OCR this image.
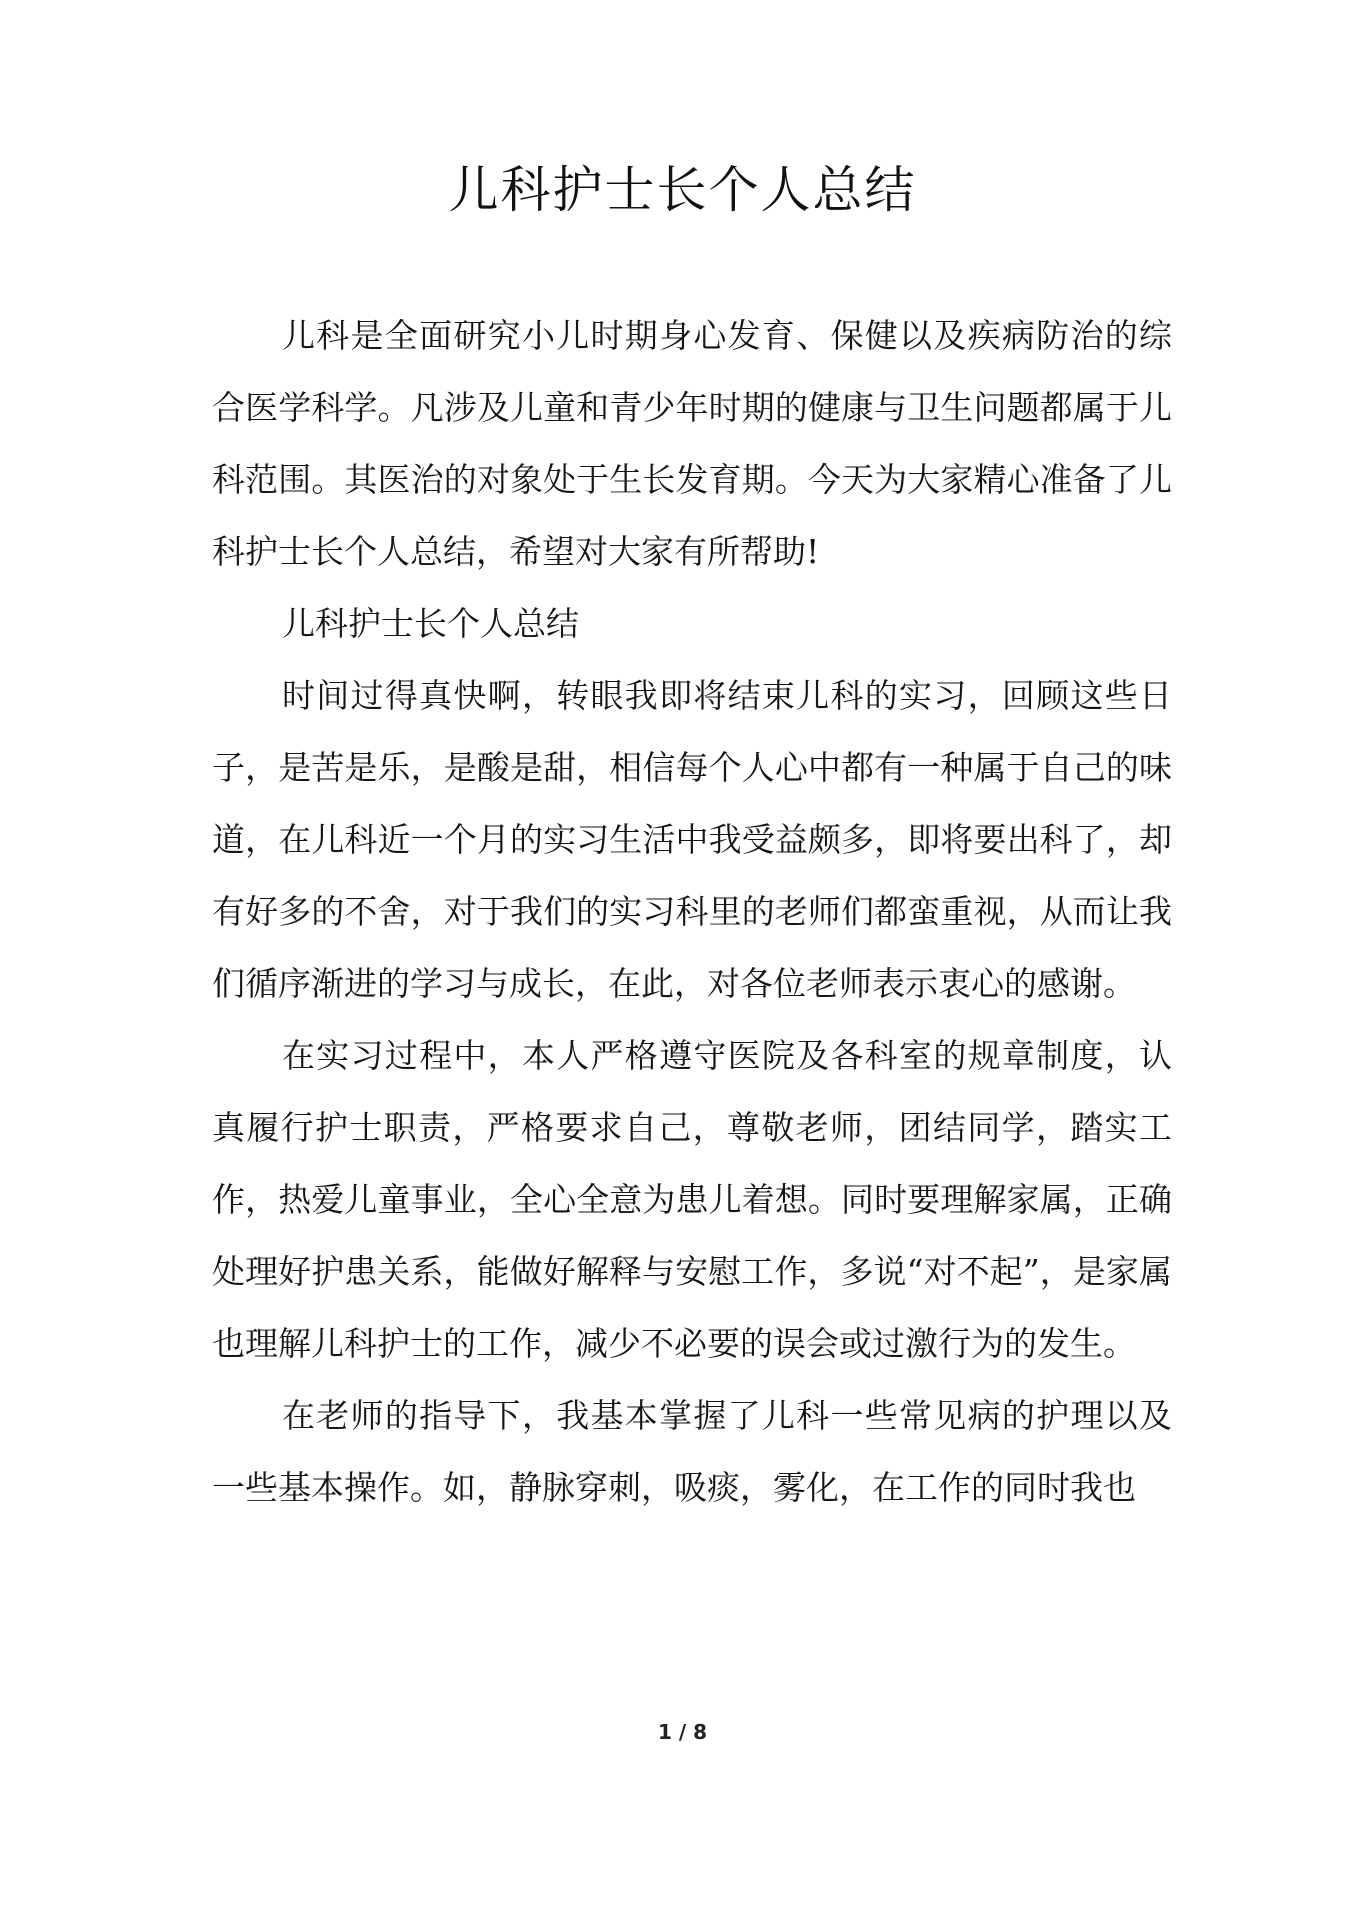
儿科护士长个人总结

儿科是全面研究小儿时期身心发育、保健以及疾病防治的综合医学科学。凡涉及儿童和青少年时期的健康与卫生问题都属于儿科范围。其医治的对象处于生长发育期。今天为大家精心准备了儿科护士长个人总结，希望对大家有所帮助!

儿科护士长个人总结

时间过得真快啊，转眼我即将结束儿科的实习，回顾这些日子，是苦是乐，是酸是甜，相信每个人心中都有一种属于自己的味道，在儿科近一个月的实习生活中我受益颇多，即将要出科了，却有好多的不舍，对于我们的实习科里的老师们都蛮重视，从而让我们循序渐进的学习与成长，在此，对各位老师表示衷心的感谢。

在实习过程中，本人严格遵守医院及各科室的规章制度，认真履行护士职责，严格要求自己，尊敬老师，团结同学，踏实工作，热爱儿童事业，全心全意为患儿着想。同时要理解家属，正确处理好护患关系，能做好解释与安慰工作，多说“对不起”，是家属也理解儿科护士的工作，减少不必要的误会或过激行为的发生。

在老师的指导下，我基本掌握了儿科一些常见病的护理以及一些基本操作。如，静脉穿刺，吸痰，雾化，在工作的同时我也

1 / 8
